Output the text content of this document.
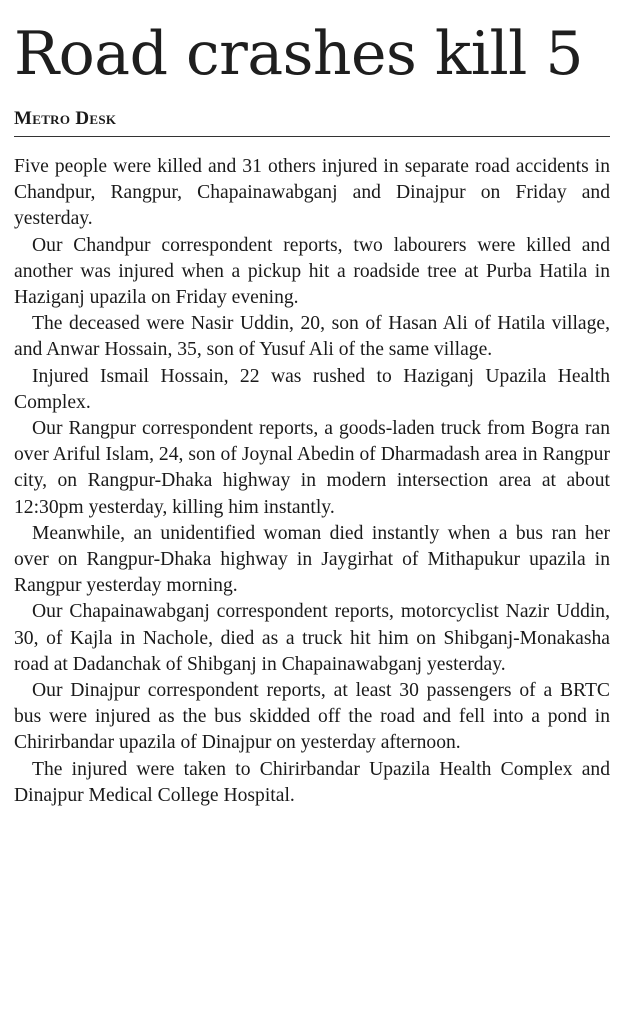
Road crashes kill 5
Metro Desk

Five people were killed and 31 others injured in separate road accidents in Chandpur, Rangpur, Chapainawabganj and Dinajpur on Friday and yesterday.

Our Chandpur correspondent reports, two labourers were killed and another was injured when a pickup hit a roadside tree at Purba Hatila in Haziganj upazila on Friday evening.

The deceased were Nasir Uddin, 20, son of Hasan Ali of Hatila village, and Anwar Hossain, 35, son of Yusuf Ali of the same village.

Injured Ismail Hossain, 22 was rushed to Haziganj Upazila Health Complex.

Our Rangpur correspondent reports, a goods-laden truck from Bogra ran over Ariful Islam, 24, son of Joynal Abedin of Dharmadash area in Rangpur city, on Rangpur-Dhaka highway in modern intersection area at about 12:30pm yesterday, killing him instantly.

Meanwhile, an unidentified woman died instantly when a bus ran her over on Rangpur-Dhaka highway in Jaygirhat of Mithapukur upazila in Rangpur yesterday morning.

Our Chapainawabganj correspondent reports, motorcyclist Nazir Uddin, 30, of Kajla in Nachole, died as a truck hit him on Shibganj-Monakasha road at Dadanchak of Shibganj in Chapainawabganj yesterday.

Our Dinajpur correspondent reports, at least 30 passengers of a BRTC bus were injured as the bus skidded off the road and fell into a pond in Chirirbandar upazila of Dinajpur on yesterday afternoon.

The injured were taken to Chirirbandar Upazila Health Complex and Dinajpur Medical College Hospital.
